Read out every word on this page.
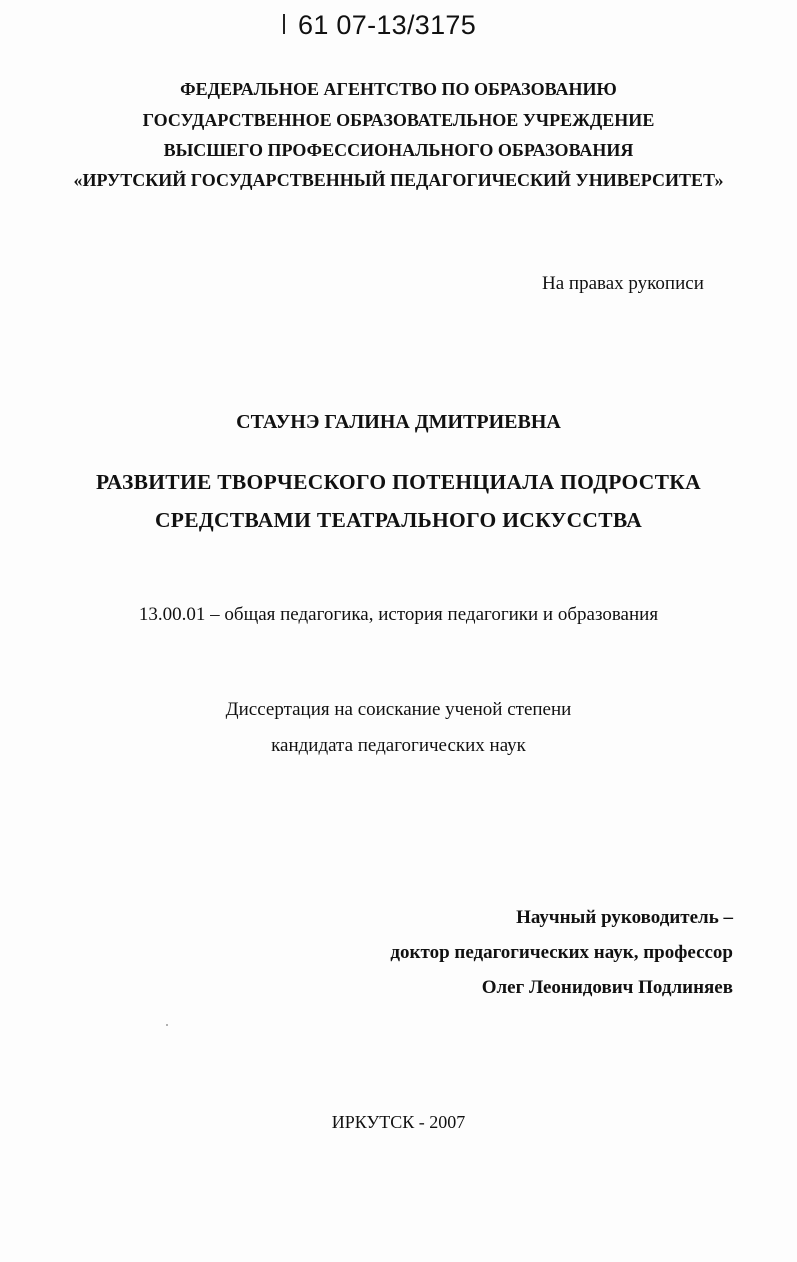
61 07-13/3175
ФЕДЕРАЛЬНОЕ АГЕНТСТВО ПО ОБРАЗОВАНИЮ
ГОСУДАРСТВЕННОЕ ОБРАЗОВАТЕЛЬНОЕ УЧРЕЖДЕНИЕ
ВЫСШЕГО ПРОФЕССИОНАЛЬНОГО ОБРАЗОВАНИЯ
«ИРУТСКИЙ ГОСУДАРСТВЕННЫЙ ПЕДАГОГИЧЕСКИЙ УНИВЕРСИТЕТ»
На правах рукописи
СТАУНЭ ГАЛИНА ДМИТРИЕВНА
РАЗВИТИЕ ТВОРЧЕСКОГО ПОТЕНЦИАЛА ПОДРОСТКА
СРЕДСТВАМИ ТЕАТРАЛЬНОГО ИСКУССТВА
13.00.01 – общая педагогика, история педагогики и образования
Диссертация на соискание ученой степени
кандидата педагогических наук
Научный руководитель –
доктор педагогических наук, профессор
Олег Леонидович Подлиняев
ИРКУТСК - 2007
